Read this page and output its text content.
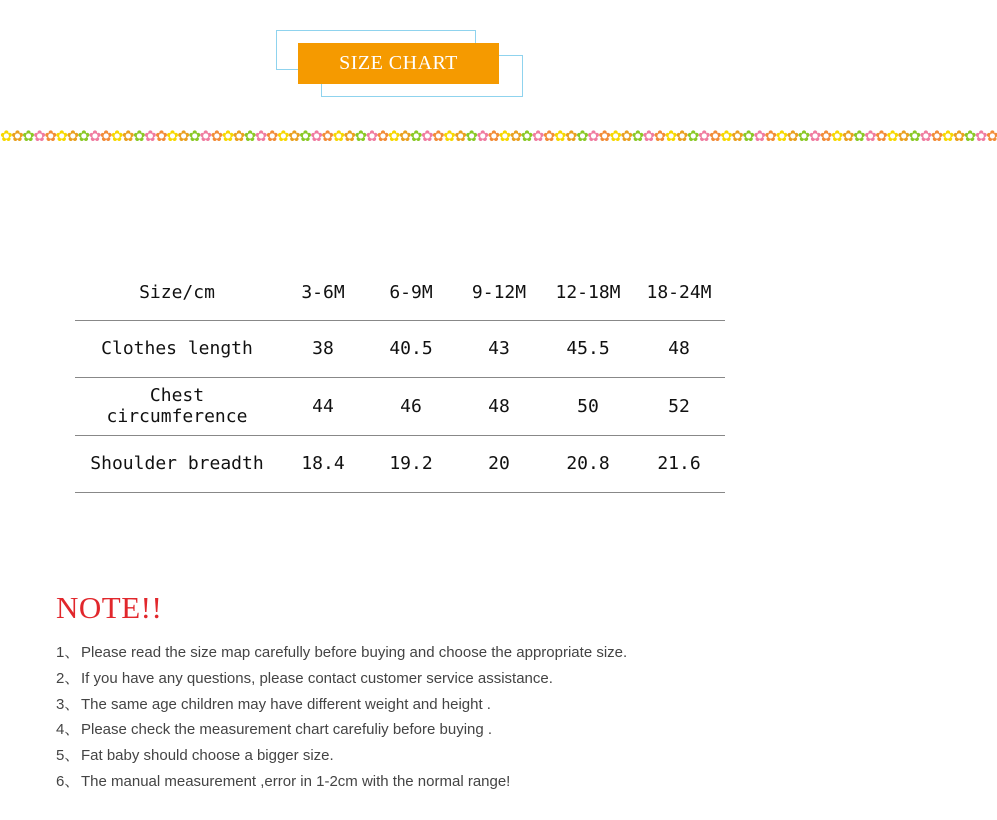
SIZE CHART
✿✿✿✿✿✿✿✿✿✿✿✿✿✿✿✿✿✿✿✿✿✿✿✿✿✿✿✿✿✿✿✿✿✿✿✿✿✿✿✿✿✿✿✿✿✿✿✿✿✿✿✿✿✿✿✿✿✿✿✿✿✿✿✿✿✿✿✿✿✿✿✿✿✿✿✿✿✿✿✿✿✿✿✿✿✿✿✿✿✿
Size/cm	3-6M	6-9M	9-12M	12-18M	18-24M
Clothes length	38	40.5	43	45.5	48
Chest circumference	44	46	48	50	52
Shoulder breadth	18.4	19.2	20	20.8	21.6
NOTE!!
1、 Please read the size map carefully before buying and choose the appropriate size.
2、 If you have any questions, please contact customer service assistance.
3、 The same age children may have different weight and height .
4、 Please check the measurement chart carefuliy before buying .
5、 Fat baby should choose a bigger size.
6、 The manual measurement ,error in 1-2cm with the normal range!
